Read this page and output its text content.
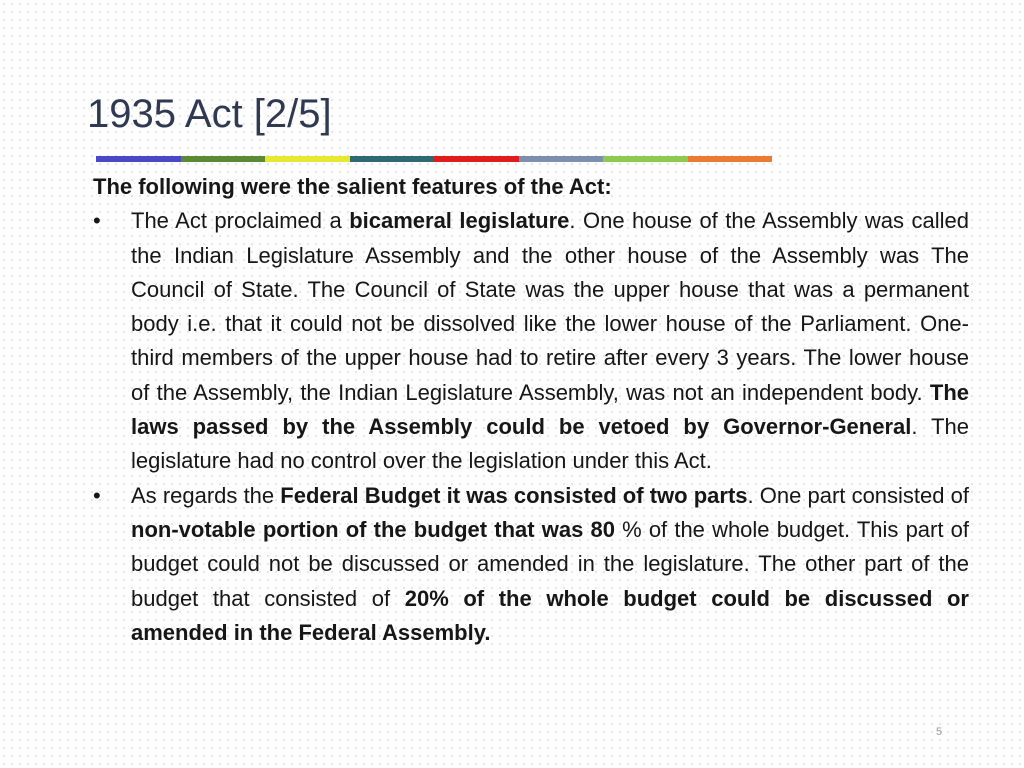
1935 Act [2/5]

The following were the salient features of the Act:

•	The Act proclaimed a bicameral legislature. One house of the Assembly was called the Indian Legislature Assembly and the other house of the Assembly was The Council of State. The Council of State was the upper house that was a permanent body i.e. that it could not be dissolved like the lower house of the Parliament. One-third members of the upper house had to retire after every 3 years. The lower house of the Assembly, the Indian Legislature Assembly, was not an independent body. The laws passed by the Assembly could be vetoed by Governor-General. The legislature had no control over the legislation under this Act.
•	As regards the Federal Budget it was consisted of two parts. One part consisted of non-votable portion of the budget that was 80 % of the whole budget. This part of budget could not be discussed or amended in the legislature. The other part of the budget that consisted of 20% of the whole budget could be discussed or amended in the Federal Assembly.
5
